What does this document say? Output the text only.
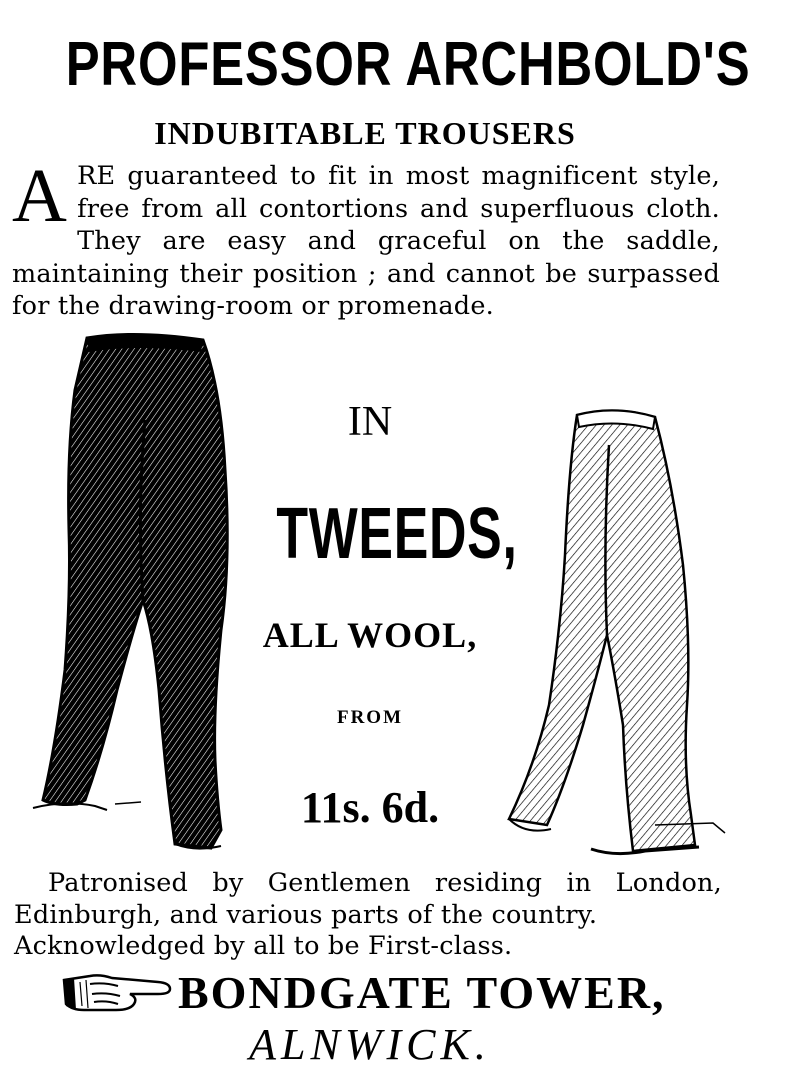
PROFESSOR ARCHBOLD'S
INDUBITABLE TROUSERS
A RE guaranteed to fit in most magnificent style, free from all contortions and superfluous cloth. They are easy and graceful on the saddle, maintaining their position ; and cannot be surpassed for the drawing-room or promenade.
IN
TWEEDS,
ALL WOOL,
FROM
11s. 6d.

Patronised by Gentlemen residing in London, Edinburgh, and various parts of the country.

Acknowledged by all to be First-class.

BONDGATE TOWER,
ALNWICK.
